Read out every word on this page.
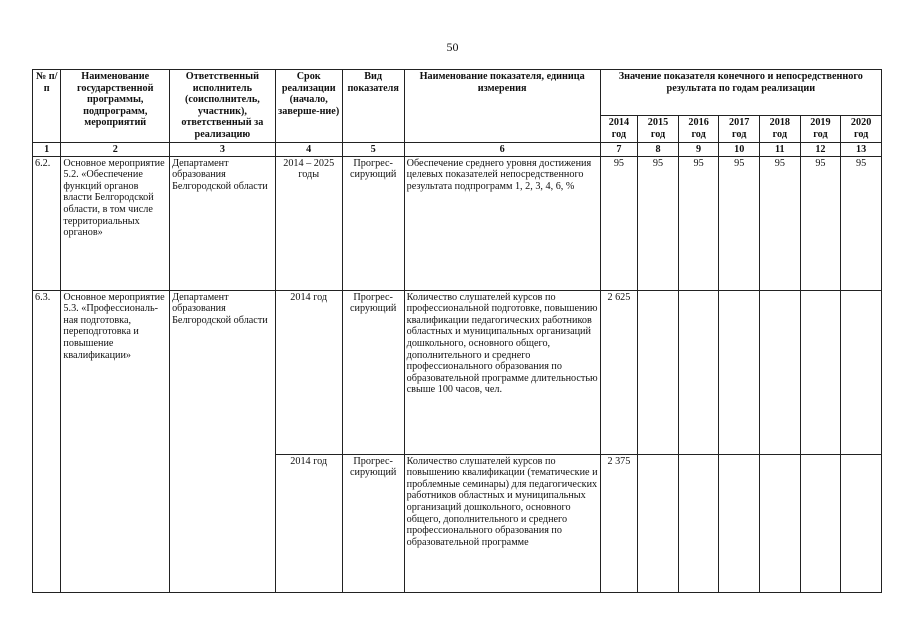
50
№ п/п	Наименование государственной программы, подпрограмм, мероприятий	Ответственный исполнитель (соисполнитель, участник), ответственный за реализацию	Срок реализации (начало, заверше-ние)	Вид показателя	Наименование показателя, единица измерения	Значение показателя конечного и непосредственного результата по годам реализации						
						2014 год	2015 год	2016 год	2017 год	2018 год	2019 год	2020 год
1	2	3	4	5	6	7	8	9	10	11	12	13
6.2.	Основное мероприятие 5.2. «Обеспечение функций органов власти Белгородской области, в том числе территориальных органов»	Департамент образования Белгородской области	2014 – 2025 годы	Прогрес-сирующий	Обеспечение среднего уровня достижения целевых показателей непосредственного результата подпрограмм 1, 2, 3, 4, 6, %	95	95	95	95	95	95	95
6.3.	Основное мероприятие 5.3. «Профессиональ-ная подготовка, переподготовка и повышение квалификации»	Департамент образования Белгородской области	2014 год	Прогрес-сирующий	Количество слушателей курсов по профессиональной подготовке, повышению квалификации педагогических работников областных и муниципальных организаций дошкольного, основного общего, дополнительного и среднего профессионального образования по образовательной программе длительностью свыше 100 часов, чел.	2 625						
			2014 год	Прогрес-сирующий	Количество слушателей курсов по повышению квалификации (тематические и проблемные семинары) для педагогических работников областных и муниципальных организаций дошкольного, основного общего, дополнительного и среднего профессионального образования по образовательной программе	2 375						
